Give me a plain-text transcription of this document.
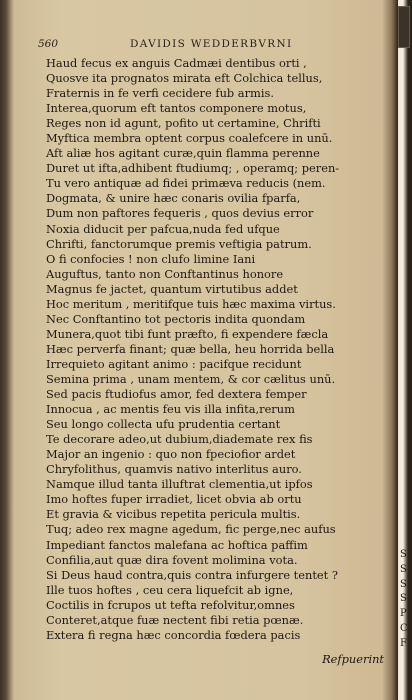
560	DAVIDIS WEDDERBVRNI
Haud fecus ex anguis Cadmæi dentibus orti ,
Quosve ita prognatos mirata eft Colchica tellus,
Fraternis in fe verfi cecidere fub armis.
Interea,quorum eft tantos componere motus,
Reges non id agunt, pofito ut certamine, Chrifti
Myftica membra optent corpus coalefcere in unū.
Aft aliæ hos agitant curæ,quin flamma perenne
Duret ut ifta,adhibent ftudiumq; , operamq; peren-
Tu vero antiquæ ad fidei primæva reducis (nem.
Dogmata, & unire hæc conaris ovilia fparfa,
Dum non paftores fequeris , quos devius error
Noxia diducit per pafcua,nuda fed ufque
Chrifti, fanctorumque premis veftigia patrum.
O fi confocies ! non clufo limine Iani
Auguftus, tanto non Conftantinus honore
Magnus fe jactet, quantum virtutibus addet
Hoc meritum , meritifque tuis hæc maxima virtus.
Nec Conftantino tot pectoris indita quondam
Munera,quot tibi funt præfto, fi expendere fæcla
Hæc perverfa finant; quæ bella, heu horrida bella
Irrequieto agitant animo : pacifque recidunt
Semina prima , unam mentem, & cor cælitus unū.
Sed pacis ftudiofus amor, fed dextera femper
Innocua , ac mentis feu vis illa infita,rerum
Seu longo collecta ufu prudentia certant
Te decorare adeo,ut dubium,diademate rex fis
Major an ingenio : quo non fpeciofior ardet
Chryfolithus, quamvis nativo interlitus auro.
Namque illud tanta illuftrat clementia,ut ipfos
Imo hoftes fuper irradiet, licet obvia ab ortu
Et gravia & vicibus repetita pericula multis.
Tuq; adeo rex magne agedum, fic perge,nec aufus
Impediant fanctos malefana ac hoftica paffim
Confilia,aut quæ dira fovent molimina vota.
Si Deus haud contra,quis contra infurgere tentet ?
Ille tuos hoftes , ceu cera liquefcit ab igne,
Coctilis in fcrupos ut tefta refolvitur,omnes
Conteret,atque fuæ nectent fibi retia pœnæ.
Extera fi regna hæc concordia fœdera pacis
Refpuerint
S
S
S
S
P
C
F
